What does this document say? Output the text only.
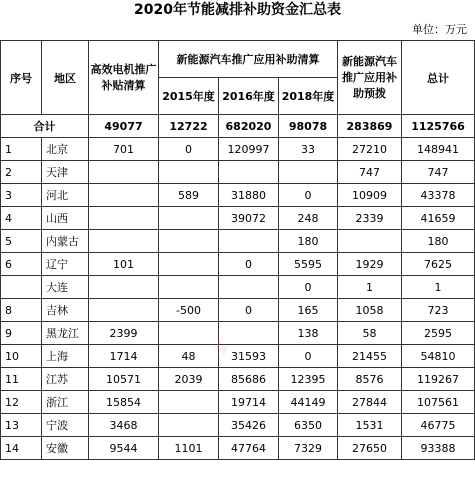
2020年节能减排补助资金汇总表
单位：万元
序号	地区	高效电机推广补贴清算	新能源汽车推广应用补助清算			新能源汽车推广应用补助预拨	总计
			2015年度	2016年度	2018年度		
合计		49077	12722	682020	98078	283869	1125766
1	北京	701	0	120997	33	27210	148941
2	天津					747	747
3	河北		589	31880	0	10909	43378
4	山西			39072	248	2339	41659
5	内蒙古				180		180
6	辽宁	101		0	5595	1929	7625
	大连				0	1	1
8	吉林		-500	0	165	1058	723
9	黑龙江	2399			138	58	2595
10	上海	1714	48	31593	0	21455	54810
11	江苏	10571	2039	85686	12395	8576	119267
12	浙江	15854		19714	44149	27844	107561
13	宁波	3468		35426	6350	1531	46775
14	安徽	9544	1101	47764	7329	27650	93388
⚡
